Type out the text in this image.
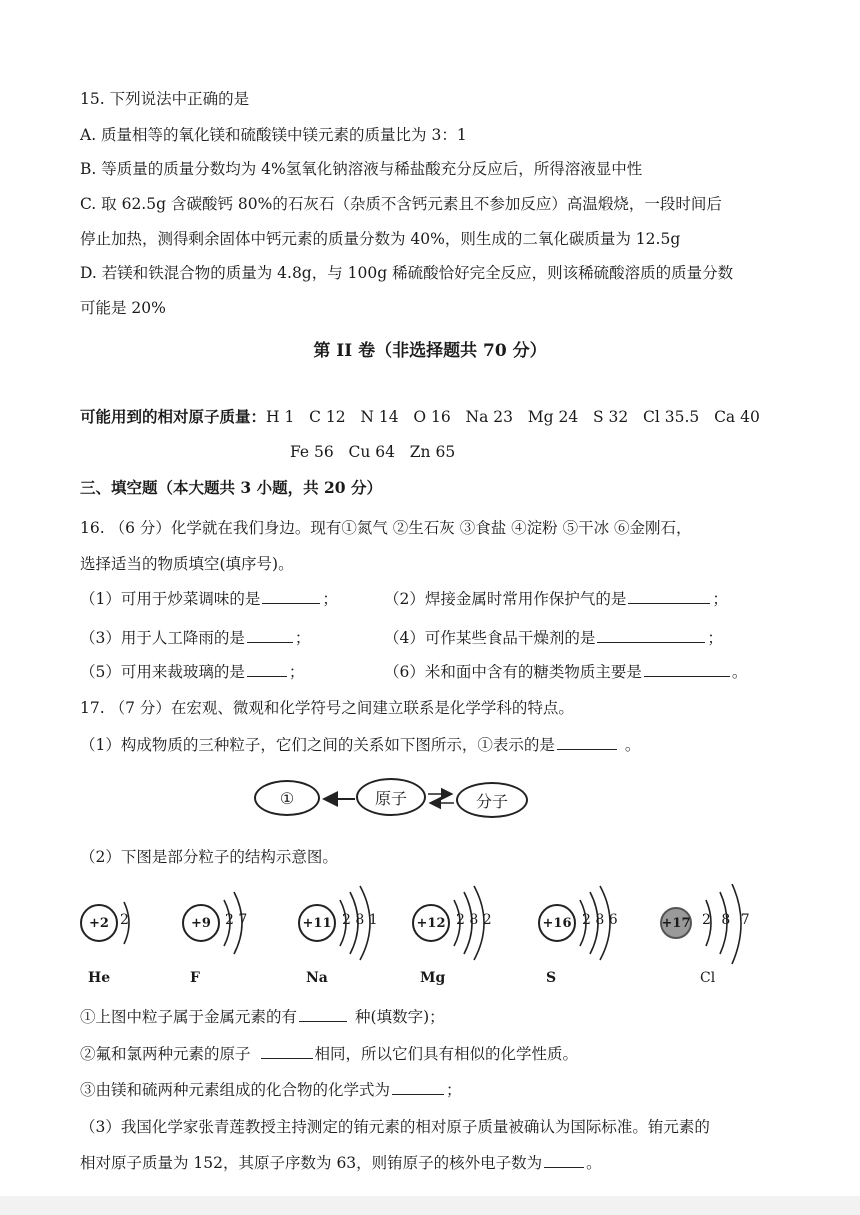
15. 下列说法中正确的是
A. 质量相等的氧化镁和硫酸镁中镁元素的质量比为 3：1
B. 等质量的质量分数均为 4%氢氧化钠溶液与稀盐酸充分反应后，所得溶液显中性
C. 取 62.5g 含碳酸钙 80%的石灰石（杂质不含钙元素且不参加反应）高温煅烧，一段时间后
停止加热，测得剩余固体中钙元素的质量分数为 40%，则生成的二氧化碳质量为 12.5g
D. 若镁和铁混合物的质量为 4.8g，与 100g 稀硫酸恰好完全反应，则该稀硫酸溶质的质量分数
可能是 20%
第 II 卷（非选择题共 70 分）
可能用到的相对原子质量：H 1   C 12   N 14   O 16   Na 23   Mg 24   S 32   Cl 35.5   Ca 40
Fe 56   Cu 64   Zn 65
三、填空题（本大题共 3 小题，共 20 分）
16. （6 分）化学就在我们身边。现有①氮气 ②生石灰 ③食盐 ④淀粉 ⑤干冰 ⑥金刚石，
选择适当的物质填空(填序号)。
（1）可用于炒菜调味的是	；	（2）焊接金属时常用作保护气的是	；
（3）用于人工降雨的是	；	（4）可作某些食品干燥剂的是	；
（5）可用来裁玻璃的是	；	（6）米和面中含有的糖类物质主要是	。
17. （7 分）在宏观、微观和化学符号之间建立联系是化学学科的特点。
（1）构成物质的三种粒子，它们之间的关系如下图所示，①表示的是	。
①	原子	分子
（2）下图是部分粒子的结构示意图。
+2 2
He
+9	2 7
F
+11 2 8 1
Na
+12 2 8 2
Mg
+16 2 8 6
S
+17 2 8 7
Cl
①上图中粒子属于金属元素的有	种(填数字)；
②氟和氯两种元素的原子	相同，所以它们具有相似的化学性质。
③由镁和硫两种元素组成的化合物的化学式为	；
（3）我国化学家张青莲教授主持测定的铕元素的相对原子质量被确认为国际标准。铕元素的
相对原子质量为 152，其原子序数为 63，则铕原子的核外电子数为	。
